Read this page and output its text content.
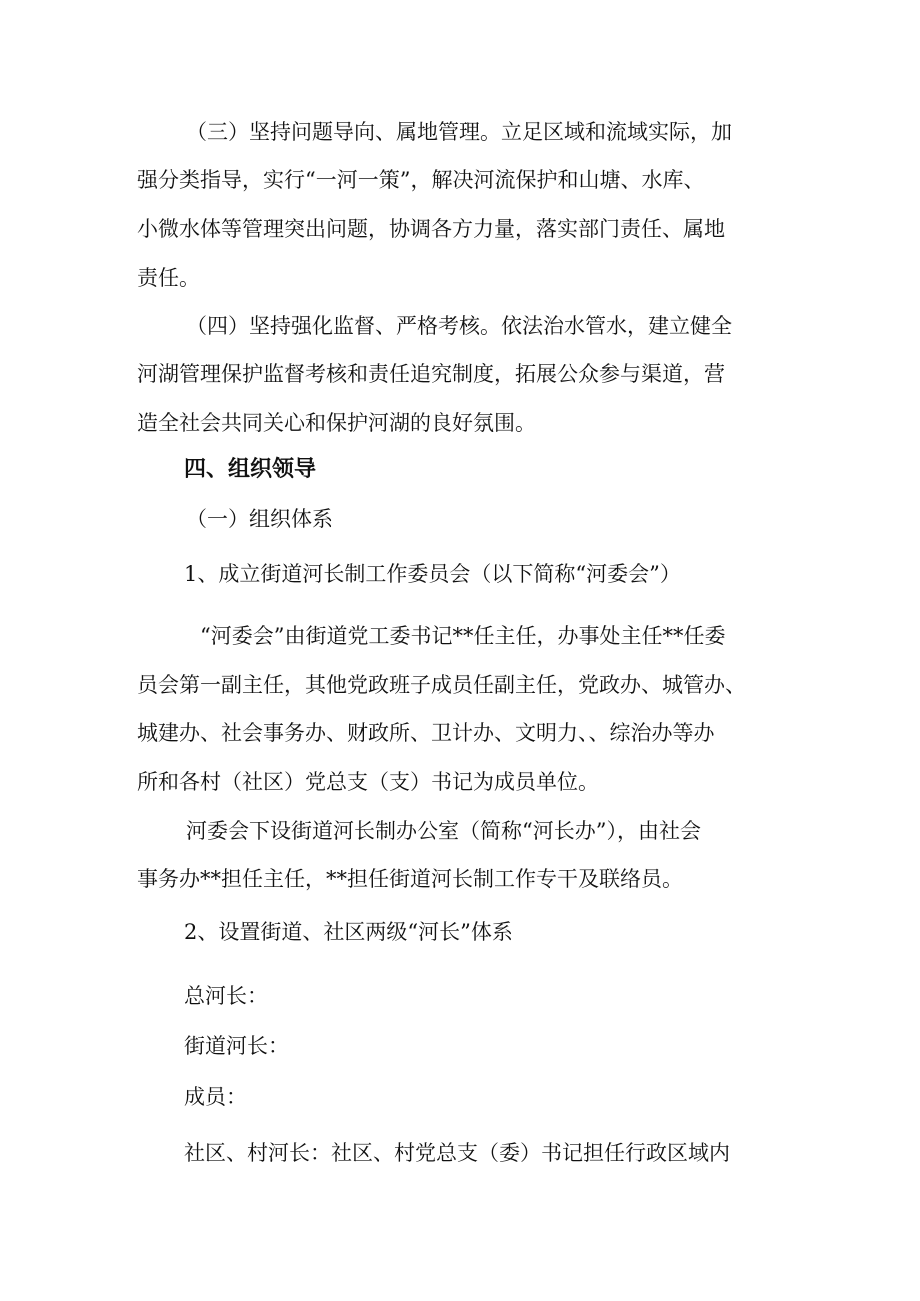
（三）坚持问题导向、属地管理。立足区域和流域实际，加

强分类指导，实行“一河一策”，解决河流保护和山塘、水库、

小微水体等管理突出问题，协调各方力量，落实部门责任、属地

责任。

（四）坚持强化监督、严格考核。依法治水管水，建立健全

河湖管理保护监督考核和责任追究制度，拓展公众参与渠道，营

造全社会共同关心和保护河湖的良好氛围。

四、组织领导

（一）组织体系

1、成立街道河长制工作委员会（以下简称“河委会”）

“河委会”由街道党工委书记**任主任，办事处主任**任委

员会第一副主任，其他党政班子成员任副主任，党政办、城管办、

城建办、社会事务办、财政所、卫计办、文明力、、综治办等办

所和各村（社区）党总支（支）书记为成员单位。

河委会下设街道河长制办公室（简称“河长办”），由社会

事务办**担任主任，**担任街道河长制工作专干及联络员。

2、设置街道、社区两级“河长”体系

总河长：

街道河长：

成员：

社区、村河长：社区、村党总支（委）书记担任行政区域内
